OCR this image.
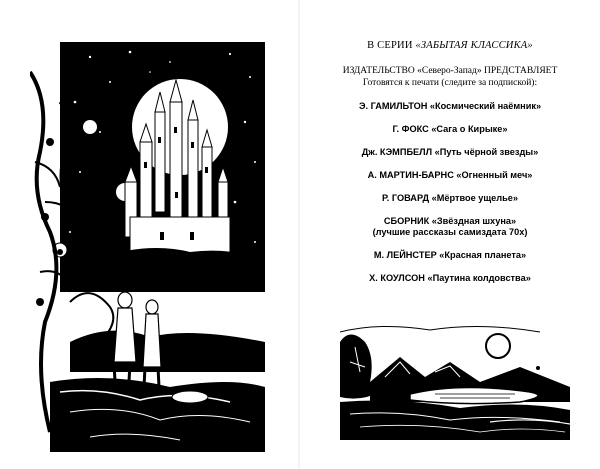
В СЕРИИ «ЗАБЫТАЯ КЛАССИКА»
ИЗДАТЕЛЬСТВО «Северо-Запад» ПРЕДСТАВЛЯЕТ
Готовятся к печати (следите за подпиской):
Э. ГАМИЛЬТОН «Космический наёмник»
Г. ФОКС «Сага о Кирыке»
Дж. КЭМПБЕЛЛ «Путь чёрной звезды»
А. МАРТИН-БАРНС «Огненный меч»
Р. ГОВАРД «Мёртвое ущелье»
СБОРНИК «Звёздная шхуна»
(лучшие рассказы самиздата 70х)
М. ЛЕЙНСТЕР «Красная планета»
Х. КОУЛСОН «Паутина колдовства»
